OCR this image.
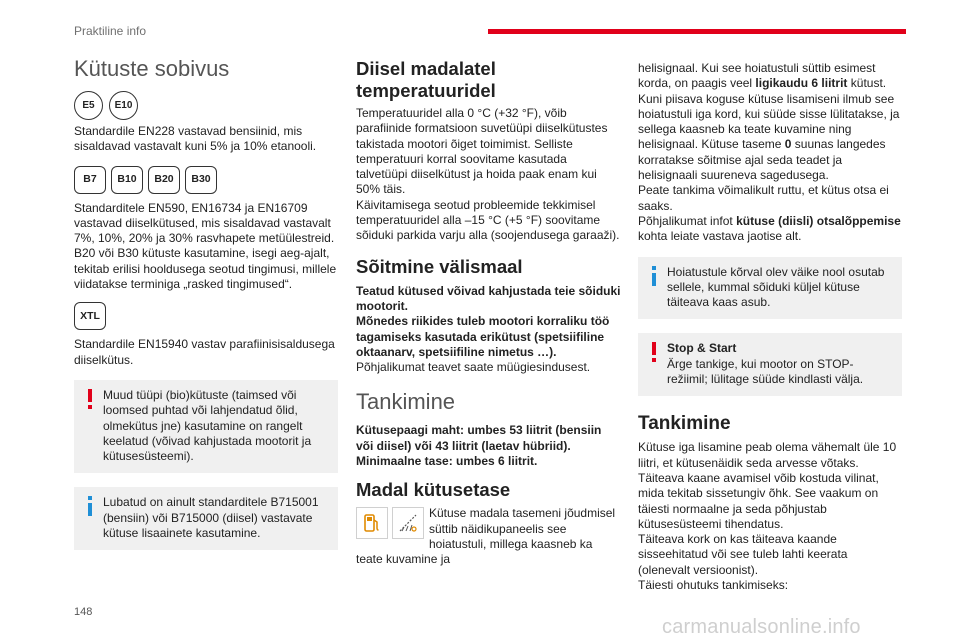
Praktiline info
Kütuste sobivus
E5	E10

Standardile EN228 vastavad bensiinid, mis sisaldavad vastavalt kuni 5% ja 10% etanooli.

B7	B10	B20	B30

Standarditele EN590, EN16734 ja EN16709 vastavad diiselkütused, mis sisaldavad vastavalt 7%, 10%, 20% ja 30% rasvhapete metüülestreid. B20 või B30 kütuste kasutamine, isegi aeg-ajalt, tekitab erilisi hooldusega seotud tingimusi, millele viidatakse terminiga „rasked tingimused“.

XTL

Standardile EN15940 vastav parafiinisisaldusega diiselkütus.

Muud tüüpi (bio)kütuste (taimsed või loomsed puhtad või lahjendatud õlid, olmekütus jne) kasutamine on rangelt keelatud (võivad kahjustada mootorit ja kütusesüsteemi).

Lubatud on ainult standarditele B715001 (bensiin) või B715000 (diisel) vastavate kütuse lisaainete kasutamine.

Diisel madalatel temperatuuridel

Temperatuuridel alla 0 °C (+32 °F), võib parafiinide formatsioon suvetüüpi diiselkütustes takistada mootori õiget toimimist. Selliste temperatuuri korral soovitame kasutada talvetüüpi diiselkütust ja hoida paak enam kui 50% täis.

Käivitamisega seotud probleemide tekkimisel temperatuuridel alla –15 °C (+5 °F) soovitame sõiduki parkida varju alla (soojendusega garaaži).

Sõitmine välismaal

Teatud kütused võivad kahjustada teie sõiduki mootorit.

Mõnedes riikides tuleb mootori korraliku töö tagamiseks kasutada erikütust (spetsiifiline oktaanarv, spetsiifiline nimetus …).

Põhjalikumat teavet saate müügiesindusest.

Tankimine

Kütusepaagi maht: umbes 53 liitrit (bensiin või diisel) või 43 liitrit (laetav hübriid).

Minimaalne tase: umbes 6 liitrit.

Madal kütusetase

Kütuse madala tasemeni jõudmisel süttib näidikupaneelis see hoiatustuli, millega kaasneb ka teate kuvamine ja

helisignaal. Kui see hoiatustuli süttib esimest korda, on paagis veel ligikaudu 6 liitrit kütust.

Kuni piisava koguse kütuse lisamiseni ilmub see hoiatustuli iga kord, kui süüde sisse lülitatakse, ja sellega kaasneb ka teate kuvamine ning helisignaal. Kütuse taseme 0 suunas langedes korratakse sõitmise ajal seda teadet ja helisignaali suureneva sagedusega.

Peate tankima võimalikult ruttu, et kütus otsa ei saaks.

Põhjalikumat infot kütuse (diisli) otsalõppemise kohta leiate vastava jaotise alt.

Hoiatustule kõrval olev väike nool osutab sellele, kummal sõiduki küljel kütuse täiteava kaas asub.

Stop & Start

Ärge tankige, kui mootor on STOP-režiimil; lülitage süüde kindlasti välja.

Tankimine

Kütuse iga lisamine peab olema vähemalt üle 10 liitri, et kütusenäidik seda arvesse võtaks.

Täiteava kaane avamisel võib kostuda vilinat, mida tekitab sissetungiv õhk. See vaakum on täiesti normaalne ja seda põhjustab kütusesüsteemi tihendatus.

Täiteava kork on kas täiteava kaande sisseehitatud või see tuleb lahti keerata (olenevalt versioonist).

Täiesti ohutuks tankimiseks:

148
carmanualsonline.info
